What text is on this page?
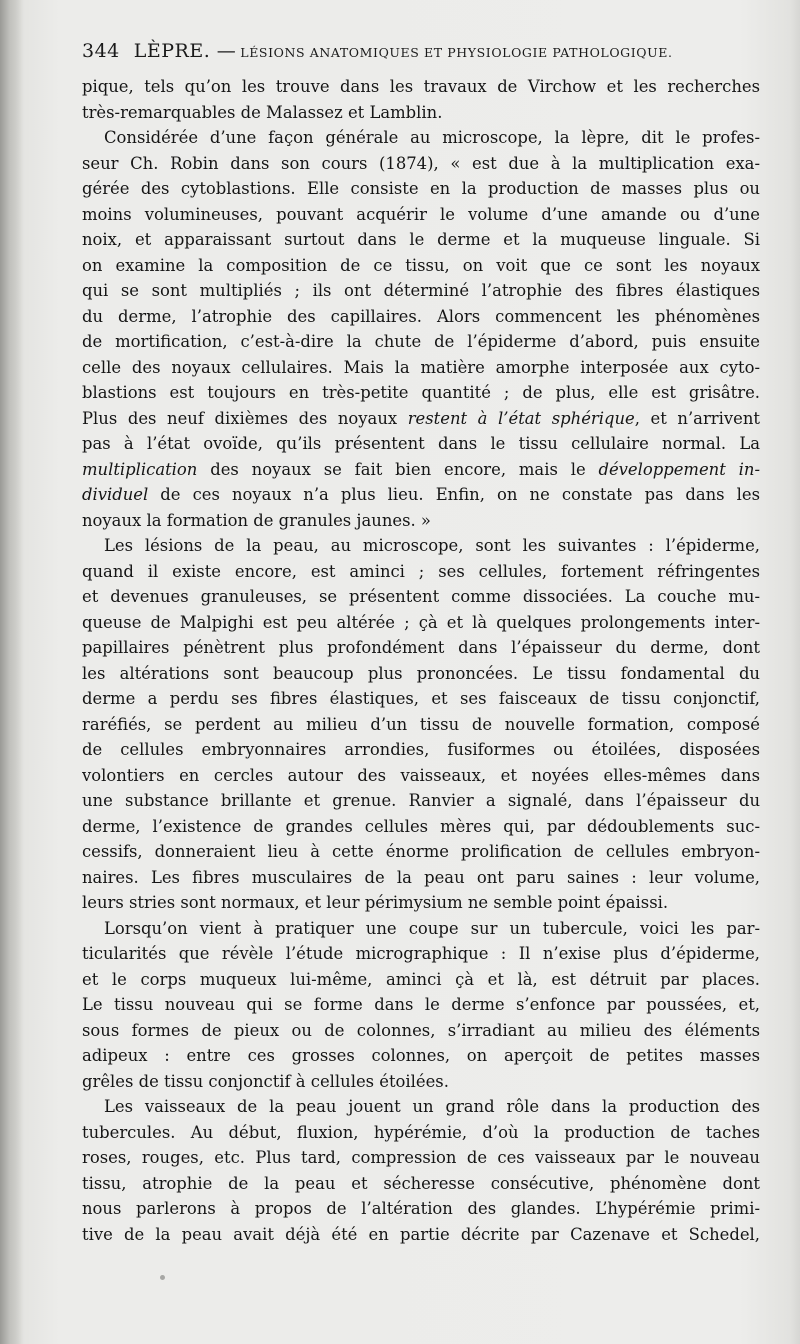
344 LÈPRE. — LÉSIONS ANATOMIQUES ET PHYSIOLOGIE PATHOLOGIQUE.
pique, tels qu’on les trouve dans les travaux de Virchow et les recherches
très-remarquables de Malassez et Lamblin.
Considérée d’une façon générale au microscope, la lèpre, dit le profes-
seur Ch. Robin dans son cours (1874), « est due à la multiplication exa-
gérée des cytoblastions. Elle consiste en la production de masses plus ou
moins volumineuses, pouvant acquérir le volume d’une amande ou d’une
noix, et apparaissant surtout dans le derme et la muqueuse linguale. Si
on examine la composition de ce tissu, on voit que ce sont les noyaux
qui se sont multipliés ; ils ont déterminé l’atrophie des fibres élastiques
du derme, l’atrophie des capillaires. Alors commencent les phénomènes
de mortification, c’est-à-dire la chute de l’épiderme d’abord, puis ensuite
celle des noyaux cellulaires. Mais la matière amorphe interposée aux cyto-
blastions est toujours en très-petite quantité ; de plus, elle est grisâtre.
Plus des neuf dixièmes des noyaux restent à l’état sphérique, et n’arrivent
pas à l’état ovoïde, qu’ils présentent dans le tissu cellulaire normal. La
multiplication des noyaux se fait bien encore, mais le développement in-
dividuel de ces noyaux n’a plus lieu. Enfin, on ne constate pas dans les
noyaux la formation de granules jaunes. »
Les lésions de la peau, au microscope, sont les suivantes : l’épiderme,
quand il existe encore, est aminci ; ses cellules, fortement réfringentes
et devenues granuleuses, se présentent comme dissociées. La couche mu-
queuse de Malpighi est peu altérée ; çà et là quelques prolongements inter-
papillaires pénètrent plus profondément dans l’épaisseur du derme, dont
les altérations sont beaucoup plus prononcées. Le tissu fondamental du
derme a perdu ses fibres élastiques, et ses faisceaux de tissu conjonctif,
raréfiés, se perdent au milieu d’un tissu de nouvelle formation, composé
de cellules embryonnaires arrondies, fusiformes ou étoilées, disposées
volontiers en cercles autour des vaisseaux, et noyées elles-mêmes dans
une substance brillante et grenue. Ranvier a signalé, dans l’épaisseur du
derme, l’existence de grandes cellules mères qui, par dédoublements suc-
cessifs, donneraient lieu à cette énorme prolification de cellules embryon-
naires. Les fibres musculaires de la peau ont paru saines : leur volume,
leurs stries sont normaux, et leur périmysium ne semble point épaissi.
Lorsqu’on vient à pratiquer une coupe sur un tubercule, voici les par-
ticularités que révèle l’étude micrographique : Il n’exise plus d’épiderme,
et le corps muqueux lui-même, aminci çà et là, est détruit par places.
Le tissu nouveau qui se forme dans le derme s’enfonce par poussées, et,
sous formes de pieux ou de colonnes, s’irradiant au milieu des éléments
adipeux : entre ces grosses colonnes, on aperçoit de petites masses
grêles de tissu conjonctif à cellules étoilées.
Les vaisseaux de la peau jouent un grand rôle dans la production des
tubercules. Au début, fluxion, hypérémie, d’où la production de taches
roses, rouges, etc. Plus tard, compression de ces vaisseaux par le nouveau
tissu, atrophie de la peau et sécheresse consécutive, phénomène dont
nous parlerons à propos de l’altération des glandes. L’hypérémie primi-
tive de la peau avait déjà été en partie décrite par Cazenave et Schedel,
